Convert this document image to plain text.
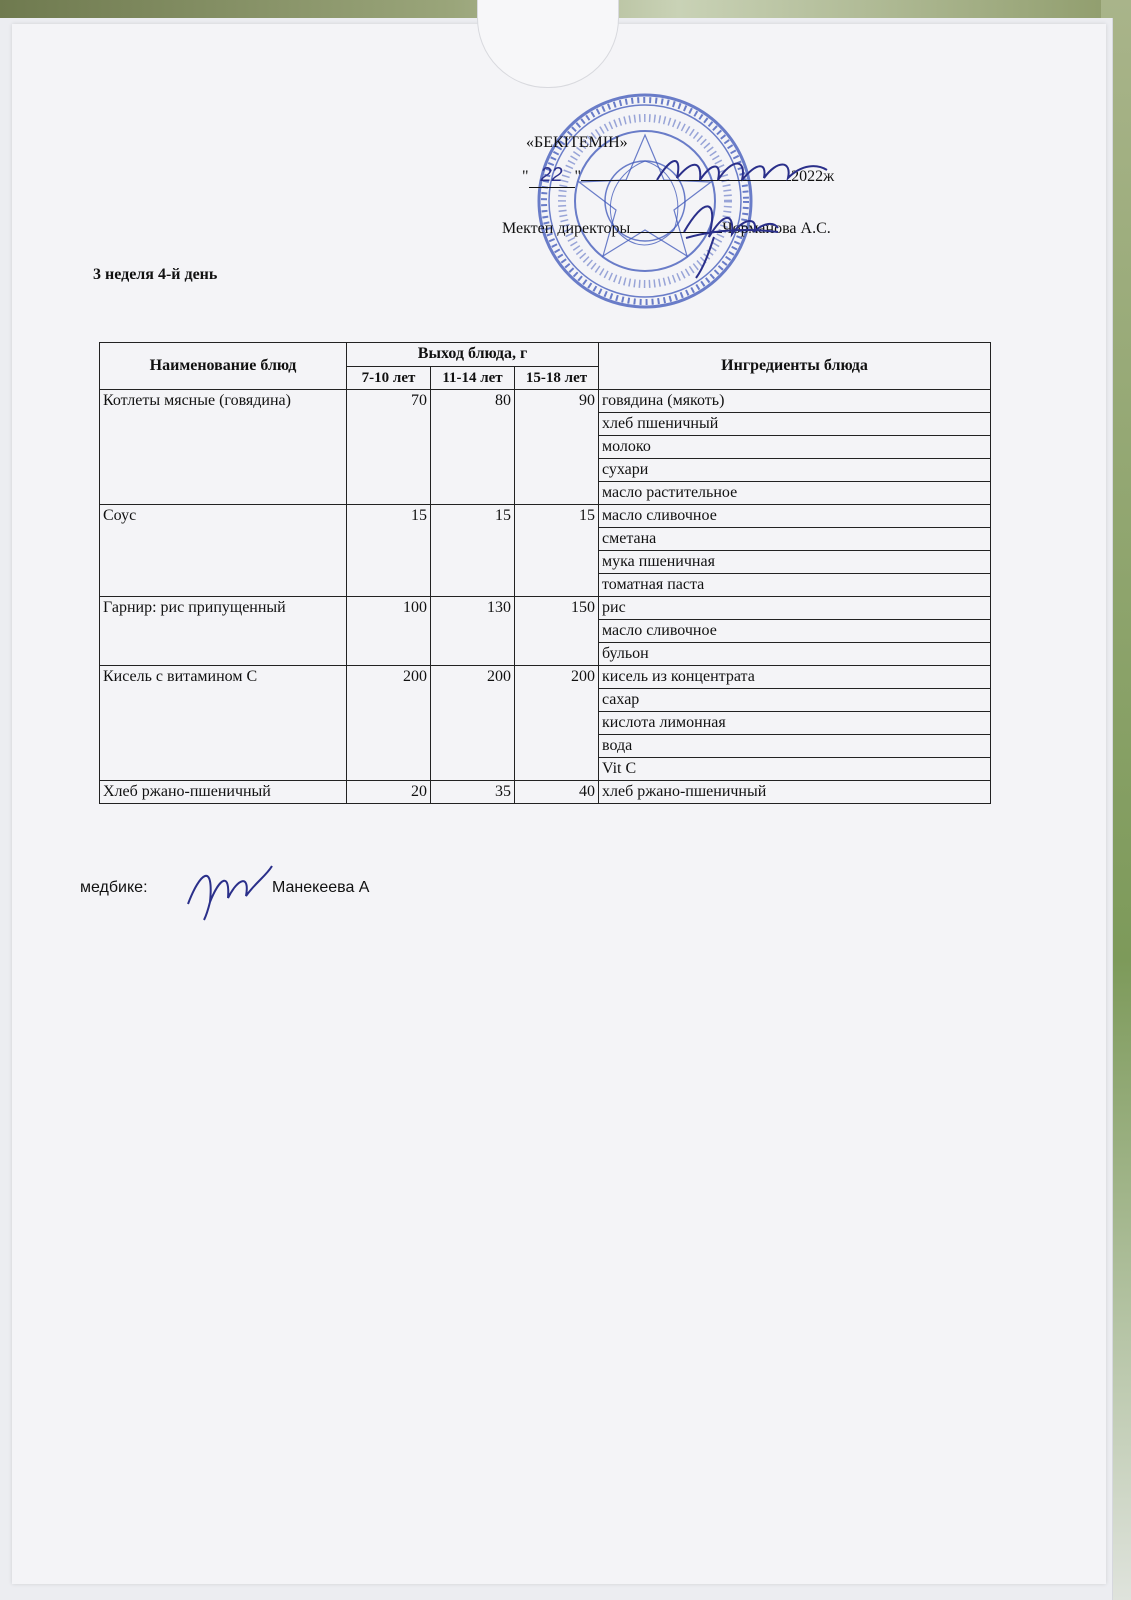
«БЕКІТЕМІН»
" 22 "	2022ж
Мектеп директоры	Чорманова А.С.
3 неделя 4-й день
Наименование блюд	Выход блюда, г			Ингредиенты блюда

	7-10 лет	11-14 лет	15-18 лет	

Котлеты мясные (говядина)	70	80	90	говядина (мякоть)
				хлеб пшеничный
				молоко
				сухари
				масло растительное
Соус	15	15	15	масло сливочное
				сметана
				мука пшеничная
				томатная паста
Гарнир: рис припущенный	100	130	150	рис
				масло сливочное
				бульон
Кисель с витамином С	200	200	200	кисель из концентрата
				сахар
				кислота лимонная
				вода
				Vit C
Хлеб ржано-пшеничный	20	35	40	хлеб ржано-пшеничный
медбике:	Манекеева А
